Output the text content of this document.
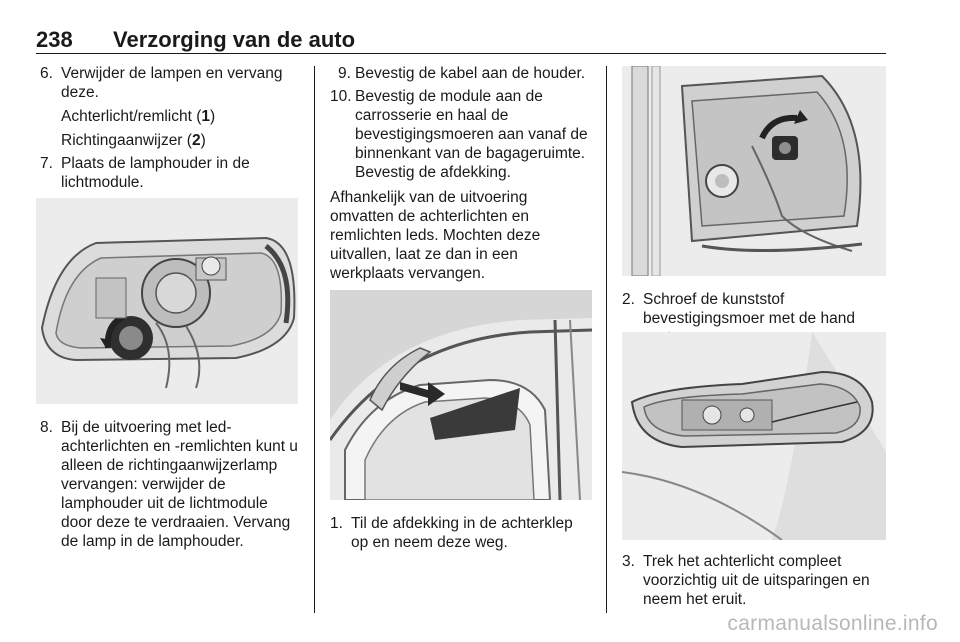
238 Verzorging van de auto
6. Verwijder de lampen en vervang deze.
Achterlicht/remlicht (1)
Richtingaanwijzer (2)
7. Plaats de lamphouder in de lichtmodule.
8. Bij de uitvoering met led-achterlichten en -remlichten kunt u alleen de richtingaanwijzerlamp vervangen: verwijder de lamphouder uit de lichtmodule door deze te verdraaien. Vervang de lamp in de lamphouder.
9. Bevestig de kabel aan de houder.
10. Bevestig de module aan de carrosserie en haal de bevestigingsmoeren aan vanaf de binnenkant van de bagageruimte. Bevestig de afdekking.
Afhankelijk van de uitvoering omvatten de achterlichten en remlichten leds. Mochten deze uitvallen, laat ze dan in een werkplaats vervangen.
1. Til de afdekking in de achterklep op en neem deze weg.
2. Schroef de kunststof bevestigingsmoer met de hand
3. Trek het achterlicht compleet voorzichtig uit de uitsparingen en neem het eruit.
carmanualsonline.info
